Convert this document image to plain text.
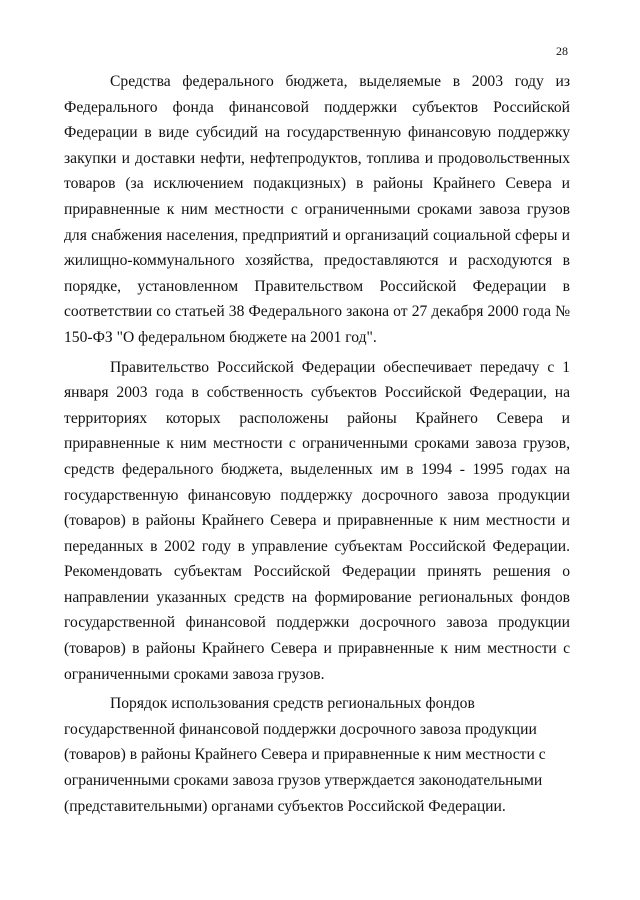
28

Средства федерального бюджета, выделяемые в 2003 году из Федерального фонда финансовой поддержки субъектов Российской Федерации в виде субсидий на государственную финансовую поддержку закупки и доставки нефти, нефтепродуктов, топлива и продовольственных товаров (за исключением подакцизных) в районы Крайнего Севера и приравненные к ним местности с ограниченными сроками завоза грузов для снабжения населения, предприятий и организаций социальной сферы и жилищно-коммунального хозяйства, предоставляются и расходуются в порядке, установленном Правительством Российской Федерации в соответствии со статьей 38 Федерального закона от 27 декабря 2000 года № 150-ФЗ "О федеральном бюджете на 2001 год".

Правительство Российской Федерации обеспечивает передачу с 1 января 2003 года в собственность субъектов Российской Федерации, на территориях которых расположены районы Крайнего Севера и приравненные к ним местности с ограниченными сроками завоза грузов, средств федерального бюджета, выделенных им в 1994 - 1995 годах на государственную финансовую поддержку досрочного завоза продукции (товаров) в районы Крайнего Севера и приравненные к ним местности и переданных в 2002 году в управление субъектам Российской Федерации. Рекомендовать субъектам Российской Федерации принять решения о направлении указанных средств на формирование региональных фондов государственной финансовой поддержки досрочного завоза продукции (товаров) в районы Крайнего Севера и приравненные к ним местности с ограниченными сроками завоза грузов.

Порядок использования средств региональных фондов государственной финансовой поддержки досрочного завоза продукции (товаров) в районы Крайнего Севера и приравненные к ним местности с ограниченными сроками завоза грузов утверждается законодательными (представительными) органами субъектов Российской Федерации.
